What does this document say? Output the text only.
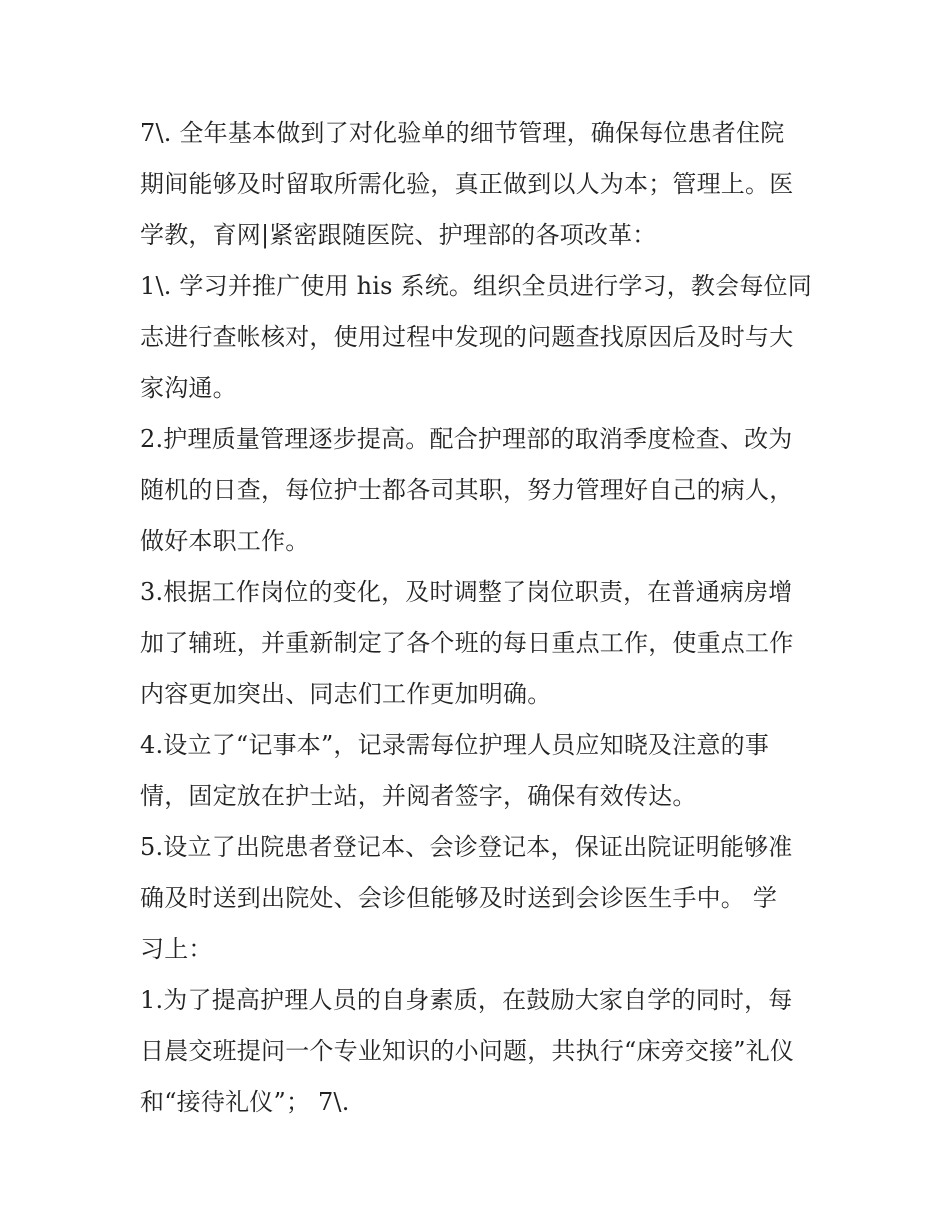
7\. 全年基本做到了对化验单的细节管理，确保每位患者住院
期间能够及时留取所需化验，真正做到以人为本；管理上。医
学教，育网|紧密跟随医院、护理部的各项改革：
1\. 学习并推广使用 his 系统。组织全员进行学习，教会每位同
志进行查帐核对，使用过程中发现的问题查找原因后及时与大
家沟通。
2.护理质量管理逐步提高。配合护理部的取消季度检查、改为
随机的日查，每位护士都各司其职，努力管理好自己的病人，
做好本职工作。
3.根据工作岗位的变化，及时调整了岗位职责，在普通病房增
加了辅班，并重新制定了各个班的每日重点工作，使重点工作
内容更加突出、同志们工作更加明确。
4.设立了“记事本”，记录需每位护理人员应知晓及注意的事
情，固定放在护士站，并阅者签字，确保有效传达。
5.设立了出院患者登记本、会诊登记本，保证出院证明能够准
确及时送到出院处、会诊但能够及时送到会诊医生手中。 学
习上：
1.为了提高护理人员的自身素质，在鼓励大家自学的同时，每
日晨交班提问一个专业知识的小问题，共执行“床旁交接”礼仪
和“接待礼仪”； 7\.
